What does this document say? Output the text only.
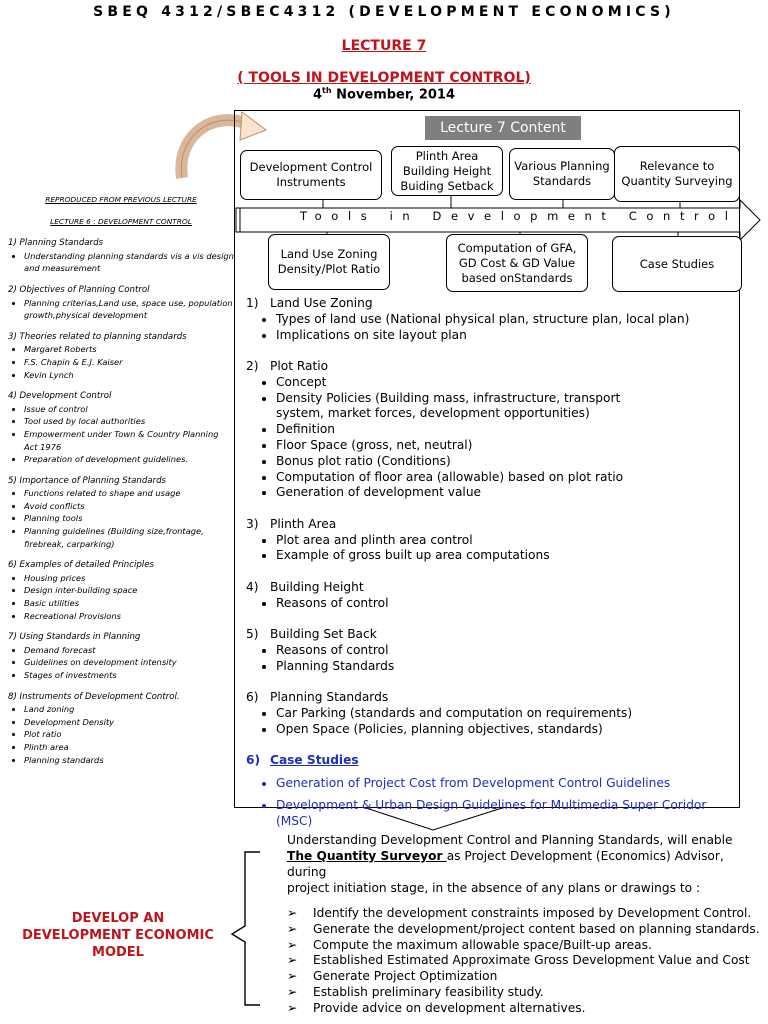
SBEQ 4312/SBEC4312 (DEVELOPMENT ECONOMICS)
LECTURE 7
( TOOLS IN DEVELOPMENT CONTROL)
4th November, 2014
REPRODUCED FROM PREVIOUS LECTURE
LECTURE 6 : DEVELOPMENT CONTROL
1) Planning Standards
• Understanding planning standards vis a vis design and measurement
2) Objectives of Planning Control
• Planning criterias,Land use, space use, population growth,physical development
3) Theories related to planning standards
• Margaret Roberts
• F.S. Chapin & E.J. Kaiser
• Kevin Lynch
4) Development Control
• Issue of control
• Tool used by local authorities
• Empowerment under Town & Country Planning Act 1976
• Preparation of development guidelines.
5) Importance of Planning Standards
• Functions related to shape and usage
• Avoid conflicts
• Planning tools
• Planning guidelines (Building size,frontage, firebreak, carparking)
6) Examples of detailed Principles
• Housing prices
• Design inter-building space
• Basic utilities
• Recreational Provisions
7) Using Standards in Planning
• Demand forecast
• Guidelines on development intensity
• Stages of investments
8) Instruments of Development Control.
• Land zoning
• Development Density
• Plot ratio
• Plinth area
• Planning standards
Lecture 7 Content
Development Control Instruments
Plinth Area Building Height Buiding Setback
Various Planning Standards
Relevance to Quantity Surveying
Tools in Development Control
Land Use Zoning Density/Plot Ratio
Computation of GFA, GD Cost & GD Value based onStandards
Case Studies
1) Land Use Zoning
• Types of land use (National physical plan, structure plan, local plan)
• Implications on site layout plan
2) Plot Ratio
• Concept
• Density Policies (Building mass, infrastructure, transport system, market forces, development opportunities)
• Definition
• Floor Space (gross, net, neutral)
• Bonus plot ratio (Conditions)
• Computation of floor area (allowable) based on plot ratio
• Generation of development value
3) Plinth Area
• Plot area and plinth area control
• Example of gross built up area computations
4) Building Height
• Reasons of control
5) Building Set Back
• Reasons of control
• Planning Standards
6) Planning Standards
• Car Parking (standards and computation on requirements)
• Open Space (Policies, planning objectives, standards)
6) Case Studies
• Generation of Project Cost from Development Control Guidelines
• Development & Urban Design Guidelines for Multimedia Super Coridor (MSC)
Understanding Development Control and Planning Standards, will enable
The Quantity Surveyor as Project Development (Economics) Advisor, during
project initiation stage, in the absence of any plans or drawings to :
➢ Identify the development constraints imposed by Development Control.
➢ Generate the development/project content based on planning standards.
➢ Compute the maximum allowable space/Built-up areas.
➢ Established Estimated Approximate Gross Development Value and Cost
➢ Generate Project Optimization
➢ Establish preliminary feasibility study.
➢ Provide advice on development alternatives.
DEVELOP AN DEVELOPMENT ECONOMIC MODEL
